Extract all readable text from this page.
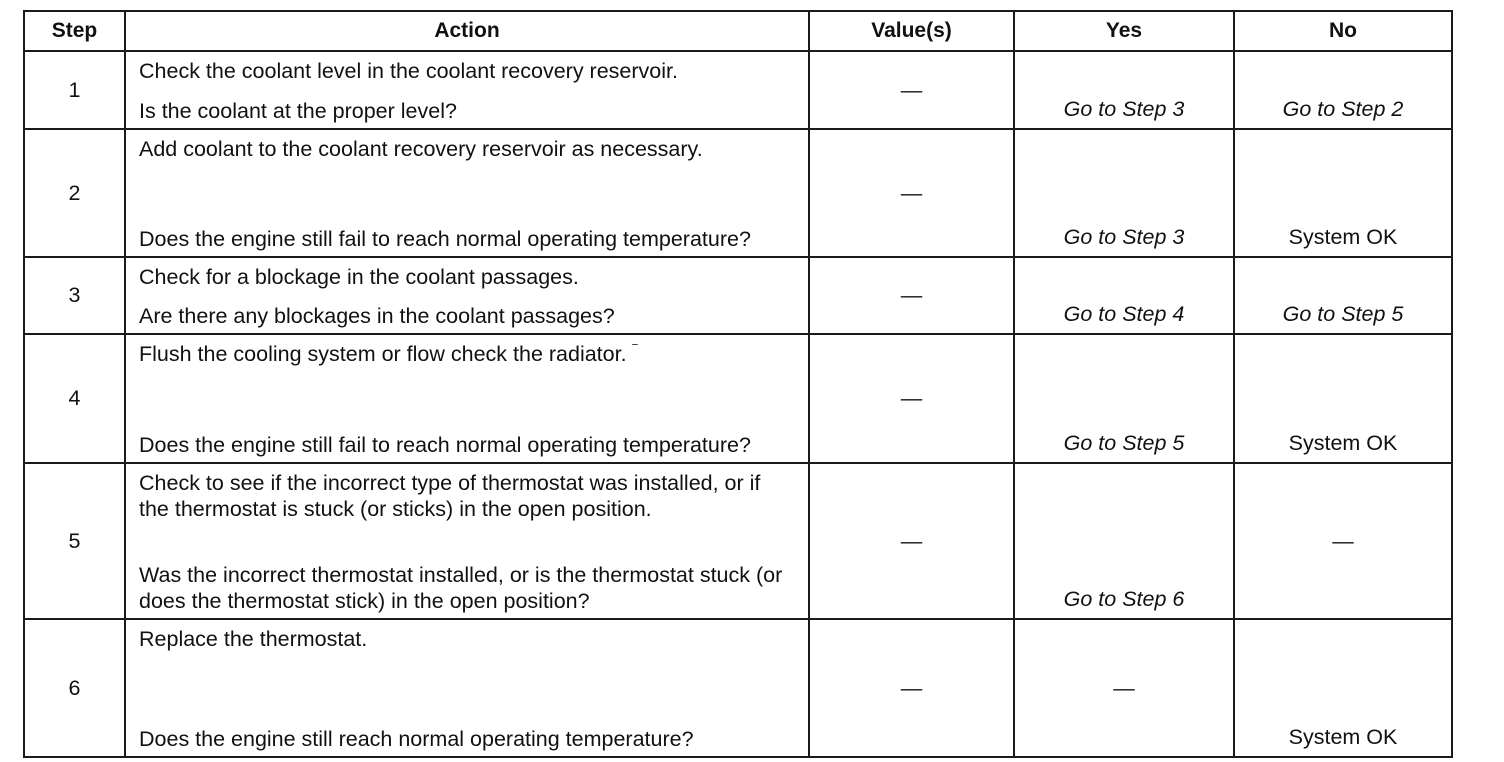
Step	Action	Value(s)	Yes	No
1	Check the coolant level in the coolant recovery reservoir.
Is the coolant at the proper level?	—	Go to Step 3	Go to Step 2
2	Add coolant to the coolant recovery reservoir as necessary.
Does the engine still fail to reach normal operating temperature?	—	Go to Step 3	System OK
3	Check for a blockage in the coolant passages.
Are there any blockages in the coolant passages?	—	Go to Step 4	Go to Step 5
4	Flush the cooling system or flow check the radiator. ‾
Does the engine still fail to reach normal operating temperature?	—	Go to Step 5	System OK
5	Check to see if the incorrect type of thermostat was installed, or if the thermostat is stuck (or sticks) in the open position.
Was the incorrect thermostat installed, or is the thermostat stuck (or does the thermostat stick) in the open position?	—	Go to Step 6	—
6	Replace the thermostat.
Does the engine still reach normal operating temperature?	—	—	System OK
